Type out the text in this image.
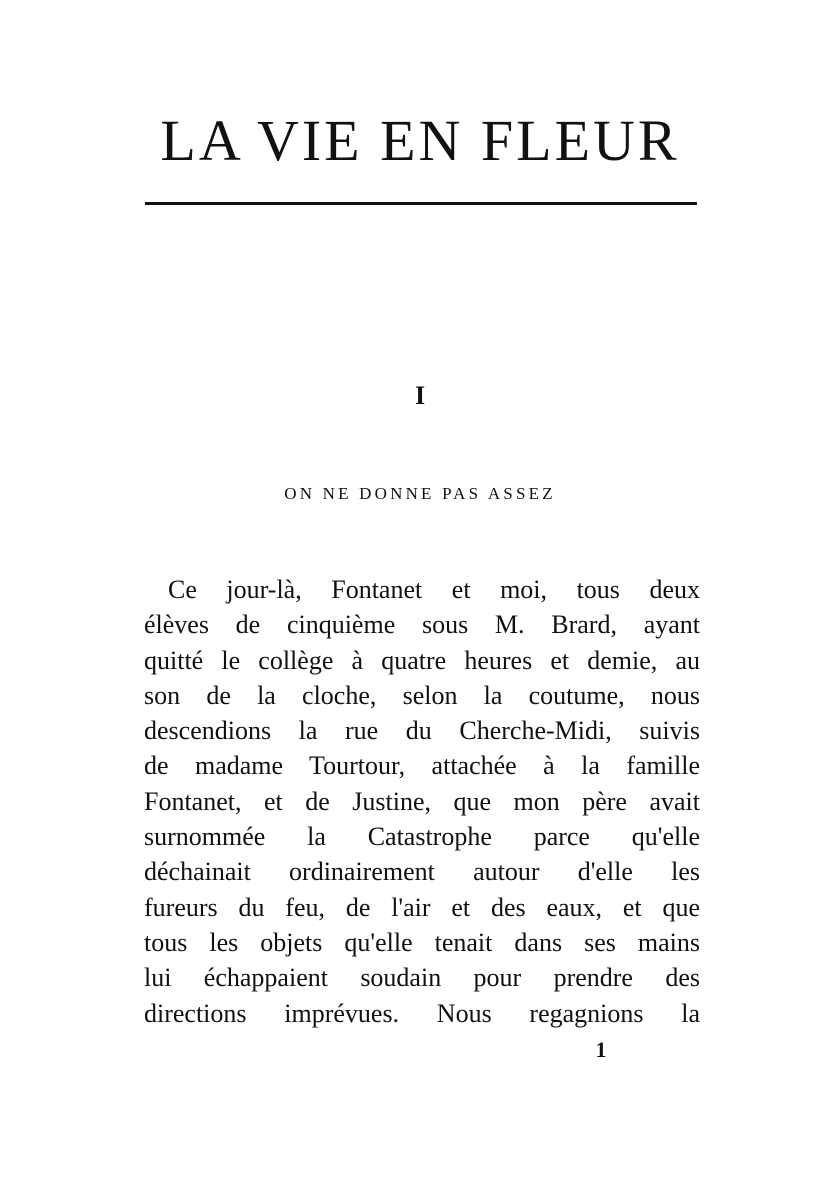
LA VIE EN FLEUR
I
ON NE DONNE PAS ASSEZ
Ce jour-là, Fontanet et moi, tous deux
élèves de cinquième sous M. Brard, ayant
quitté le collège à quatre heures et demie, au
son de la cloche, selon la coutume, nous
descendions la rue du Cherche-Midi, suivis
de madame Tourtour, attachée à la famille
Fontanet, et de Justine, que mon père avait
surnommée la Catastrophe parce qu'elle
déchainait ordinairement autour d'elle les
fureurs du feu, de l'air et des eaux, et que
tous les objets qu'elle tenait dans ses mains
lui échappaient soudain pour prendre des
directions imprévues. Nous regagnions la

1
